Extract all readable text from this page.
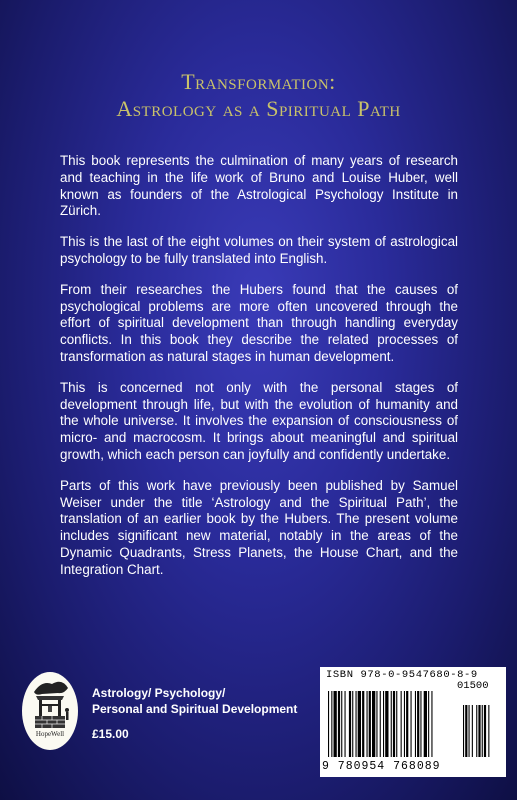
Transformation:
Astrology as a Spiritual Path

This book represents the culmination of many years of research and teaching in the life work of Bruno and Louise Huber, well known as founders of the Astrological Psychology Institute in Zürich.

This is the last of the eight volumes on their system of astrological psychology to be fully translated into English.

From their researches the Hubers found that the causes of psychological problems are more often uncovered through the effort of spiritual development than through handling everyday conflicts. In this book they describe the related processes of transformation as natural stages in human development.

This is concerned not only with the personal stages of development through life, but with the evolution of humanity and the whole universe. It involves the expansion of consciousness of micro- and macrocosm. It brings about meaningful and spiritual growth, which each person can joyfully and confidently undertake.

Parts of this work have previously been published by Samuel Weiser under the title ‘Astrology and the Spiritual Path’, the translation of an earlier book by the Hubers. The present volume includes significant new material, notably in the areas of the Dynamic Quadrants, Stress Planets, the House Chart, and the Integration Chart.

HopeWell
Astrology/ Psychology/
Personal and Spiritual Development
£15.00
ISBN 978-0-9547680-8-9
01500
9 780954 768089
